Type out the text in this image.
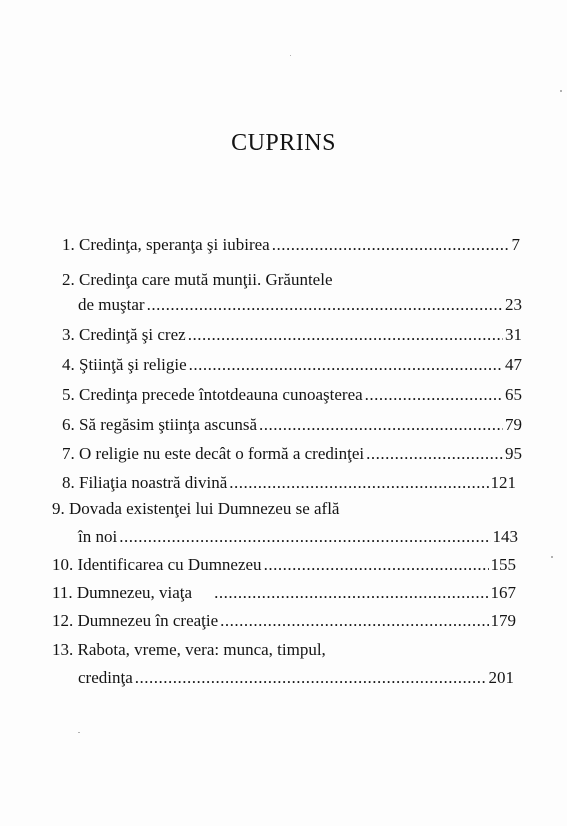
CUPRINS
1.
Credinţa, speranţa şi iubirea .....	7
2.
Credinţa care mută munţii. Grăuntele
de muştar .....	23
3.
Credinţă şi crez .....	31
4.
Ştiinţă şi religie .....	47
5.
Credinţa precede întotdeauna cunoaşterea .....	65
6.
Să regăsim ştiinţa ascunsă .....	79
7.
O religie nu este decât o formă a credinţei .....	95
8.
Filiaţia noastră divină .....	121
9.
Dovada existenţei lui Dumnezeu se află
în noi .....	143
10.
Identificarea cu Dumnezeu .....	155
11.
Dumnezeu, viaţa .....	167
12.
Dumnezeu în creaţie .....	179
13.
Rabota, vreme, vera: munca, timpul,
credinţa .....	201
